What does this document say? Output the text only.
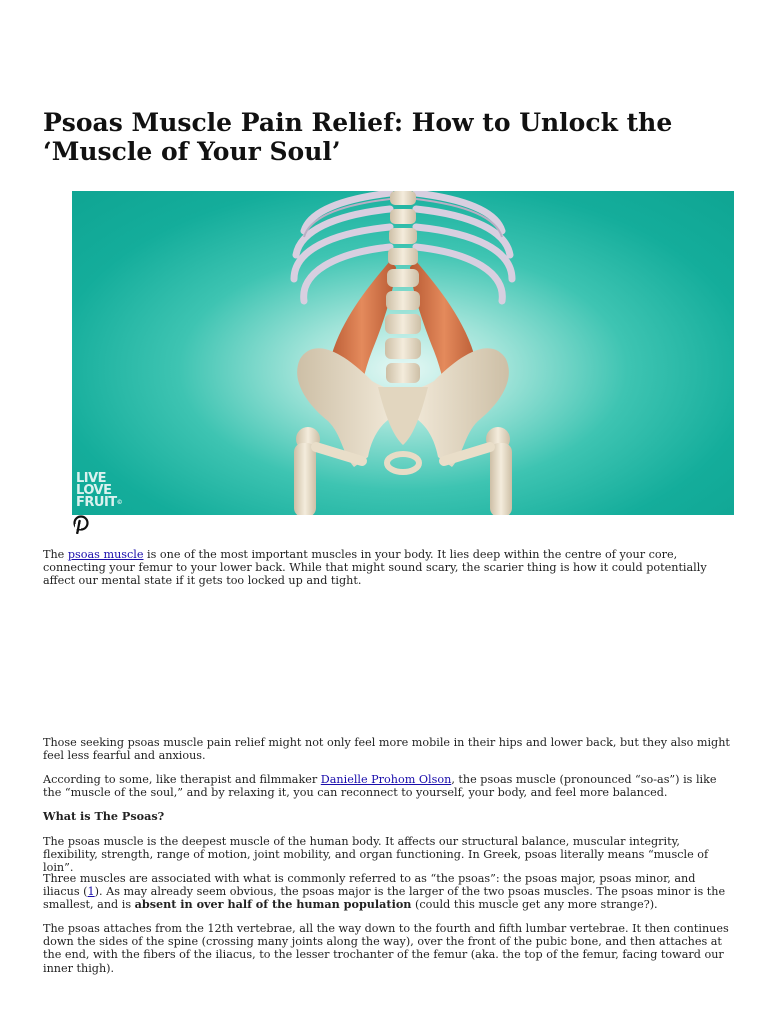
Psoas Muscle Pain Relief: How to Unlock the ‘Muscle of Your Soul’
LIVE
LOVE
FRUIT©

The psoas muscle is one of the most important muscles in your body. It lies deep within the centre of your core, connecting your femur to your lower back. While that might sound scary, the scarier thing is how it could potentially affect our mental state if it gets too locked up and tight.

Those seeking psoas muscle pain relief might not only feel more mobile in their hips and lower back, but they also might feel less fearful and anxious.

According to some, like therapist and filmmaker Danielle Prohom Olson, the psoas muscle (pronounced “so-as”) is like the “muscle of the soul,” and by relaxing it, you can reconnect to yourself, your body, and feel more balanced.

What is The Psoas?

The psoas muscle is the deepest muscle of the human body. It affects our structural balance, muscular integrity, flexibility, strength, range of motion, joint mobility, and organ functioning. In Greek, psoas literally means “muscle of loin”.

Three muscles are associated with what is commonly referred to as “the psoas”: the psoas major, psoas minor, and iliacus (1). As may already seem obvious, the psoas major is the larger of the two psoas muscles. The psoas minor is the smallest, and is absent in over half of the human population (could this muscle get any more strange?).

The psoas attaches from the 12th vertebrae, all the way down to the fourth and fifth lumbar vertebrae. It then continues down the sides of the spine (crossing many joints along the way), over the front of the pubic bone, and then attaches at the end, with the fibers of the iliacus, to the lesser trochanter of the femur (aka. the top of the femur, facing toward our inner thigh).
